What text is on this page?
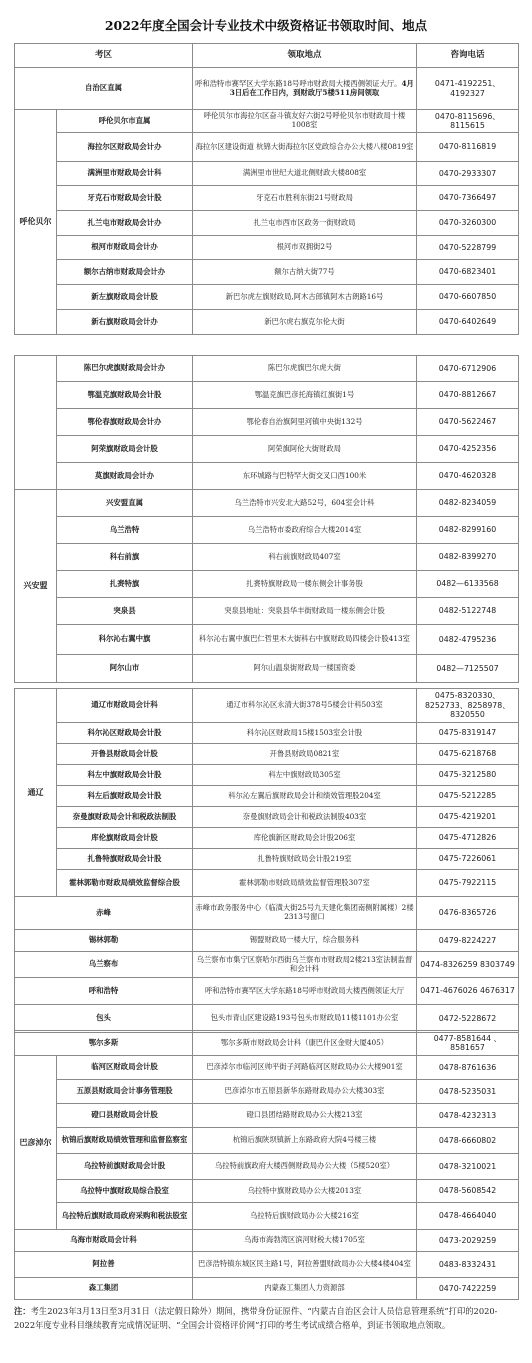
2022年度全国会计专业技术中级资格证书领取时间、地点
考区		领取地点	咨询电话
自治区直属		呼和浩特市赛罕区大学东路18号呼市财政局大楼西侧领证大厅。4月3日后在工作日内，到财政厅5楼511房间领取	0471-4192251、4192327
呼伦贝尔	呼伦贝尔市直属	呼伦贝尔市海拉尔区奋斗镇友好六街2号呼伦贝尔市财政局十楼1008室	0470-8115696、8115615
	海拉尔区财政局会计办	海拉尔区建设街道 杭锦大街海拉尔区党政综合办公大楼八楼0819室	0470-8116819
	满洲里市财政局会计科	满洲里市世纪大道北侧财政大楼808室	0470-2933307
	牙克石市财政局会计股	牙克石市胜利东街21号财政局	0470-7366497
	扎兰屯市财政局会计办	扎兰屯市西市区政务一街财政局	0470-3260300
	根河市财政局会计办	根河市双拥街2号	0470-5228799
	额尔古纳市财政局会计办	额尔古纳大街77号	0470-6823401
	新左旗财政局会计股	新巴尔虎左旗财政局,阿木古郎镇阿木古朗路16号	0470-6607850
	新右旗财政局会计办	新巴尔虎右旗克尔伦大街	0470-6402649
	陈巴尔虎旗财政局会计办	陈巴尔虎旗巴尔虎大街	0470-6712906
	鄂温克旗财政局会计股	鄂温克旗巴彦托海镇红旗街1号	0470-8812667
	鄂伦春旗财政局会计办	鄂伦春自治旗阿里河镇中央街132号	0470-5622467
	阿荣旗财政局会计股	阿荣旗阿伦大街财政局	0470-4252356
	莫旗财政局会计办	东环城路与巴特罕大街交叉口西100米	0470-4620328
兴安盟	兴安盟直属	乌兰浩特市兴安北大路52号，604室会计科	0482-8234059
	乌兰浩特	乌兰浩特市委政府综合大楼2014室	0482-8299160
	科右前旗	科右前旗财政局407室	0482-8399270
	扎赉特旗	扎赉特旗财政局一楼东侧会计事务股	0482—6133568
	突泉县	突泉县地址：突泉县华丰街财政局一楼东侧会计股	0482-5122748
	科尔沁右翼中旗	科尔沁右翼中旗巴仁哲里木大街科右中旗财政局四楼会计股413室	0482-4795236
	阿尔山市	阿尔山温泉街财政局一楼国资委	0482—7125507
通辽	通辽市财政局会计科	通辽市科尔沁区永清大街378号5楼会计科503室	0475-8320330、8252733、8258978、8320550
	科尔沁区财政局会计股	科尔沁区财政局15楼1503室会计股	0475-8319147
	开鲁县财政局会计股	开鲁县财政局0821室	0475-6218768
	科左中旗财政局会计股	科左中旗财政局305室	0475-3212580
	科左后旗财政局会计股	科尔沁左翼后旗财政局会计和绩效管理股204室	0475-5212285
	奈曼旗财政局会计和税政法制股	奈曼旗财政局会计和税政法制股403室	0475-4219201
	库伦旗财政局会计股	库伦旗新区财政局会计股206室	0475-4712826
	扎鲁特旗财政局会计股	扎鲁特旗财政局会计股219室	0475-7226061
	霍林郭勒市财政局绩效监督综合股	霍林郭勒市财政局绩效监督管理股307室	0475-7922115
赤峰		赤峰市政务服务中心（临潢大街25号九天建化集团南侧附属楼）2楼2313号窗口	0476-8365726
锡林郭勒		锡盟财政局一楼大厅，综合服务科	0479-8224227
乌兰察布		乌兰察布市集宁区察哈尔西街乌兰察布市财政局2楼213室法制监督和会计科	0474-8326259 8303749
呼和浩特		呼和浩特市赛罕区大学东路18号呼市财政局大楼西侧领证大厅	0471-4676026 4676317
包头		包头市青山区建设路193号包头市财政局11楼1101办公室	0472-5228672
鄂尔多斯		鄂尔多斯市财政局会计科（康巴什区金财大厦405）	0477-8581644 、8581657
巴彦淖尔	临河区财政局会计股	巴彦淖尔市临河区帅平街子河路临河区财政局办公大楼901室	0478-8761636
	五原县财政局会计事务管理股	巴彦淖尔市五原县新华东路财政局办公大楼303室	0478-5235031
	磴口县财政局会计股	磴口县团结路财政局办公大楼213室	0478-4232313
	杭锦后旗财政局绩效管理和监督监察室	杭锦后旗陕坝镇新上东路政府大院4号楼三楼	0478-6660802
	乌拉特前旗财政局会计股	乌拉特前旗政府大楼西侧财政局办公大楼（5楼520室）	0478-3210021
	乌拉特中旗财政局综合股室	乌拉特中旗财政局办公大楼2013室	0478-5608542
	乌拉特后旗财政局政府采购和税法股室	乌拉特后旗财政局办公大楼216室	0478-4664040
乌海市财政局会计科		乌海市海勃湾区滨河财税大楼1705室	0473-2029259
阿拉善		巴彦浩特镇东城区民主路1号，阿拉善盟财政局办公大楼4楼404室	0483-8332431
森工集团		内蒙森工集团人力资源部	0470-7422259
注：考生2023年3月13日至3月31日（法定假日除外）期间，携带身份证原件、“内蒙古自治区会计人员信息管理系统”打印的2020-2022年度专业科目继续教育完成情况证明、“全国会计资格评价网”打印的考生考试成绩合格单，到证书领取地点领取。
